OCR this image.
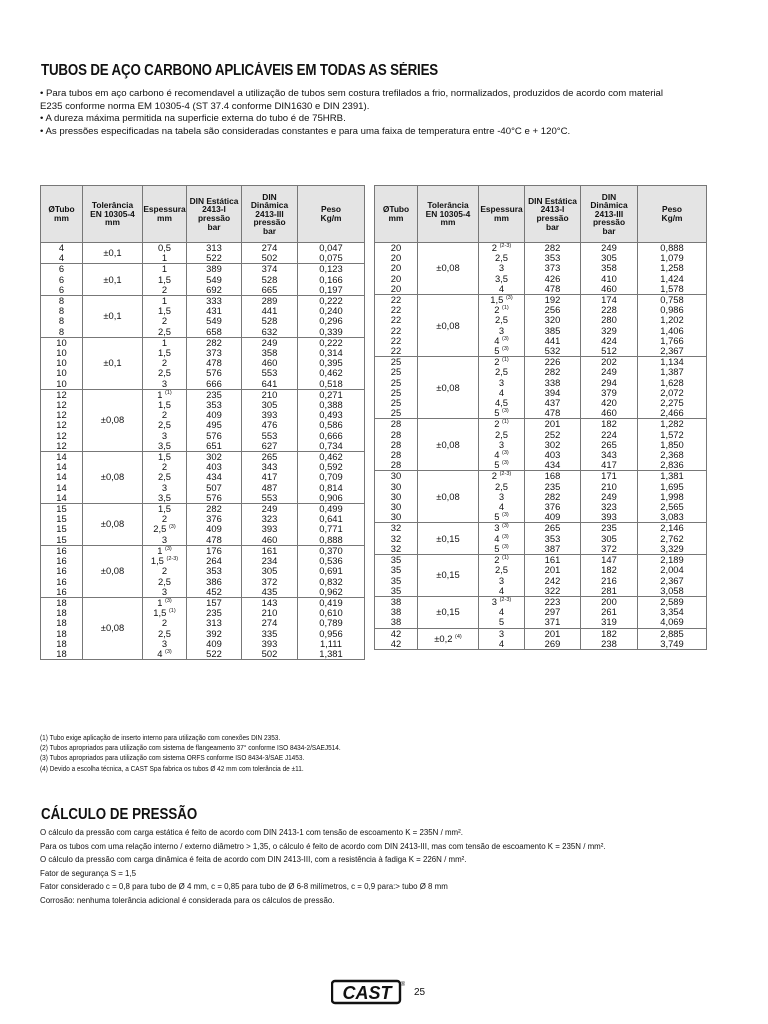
TUBOS DE AÇO CARBONO APLICÁVEIS EM TODAS AS SÉRIES
• Para tubos em aço carbono é recomendavel a utilização de tubos sem costura trefilados a frio, normalizados, produzidos de acordo com material
E235 conforme norma EM 10305-4 (ST 37.4 conforme DIN1630 e DIN 2391).
• A dureza máxima permitida na superficie externa do tubo é de 75HRB.
• As pressões especificadas na tabela são consideradas constantes e para uma faixa de temperatura entre -40°C e + 120°C.
ØTubo
mm	Tolerância
EN 10305-4
mm	Espessura
mm	DIN Estática
2413-I
pressão
bar	DIN
Dinâmica
2413-III
pressão
bar	Peso
Kg/m
4	±0,1	0,5	313	274	0,047
4		1	522	502	0,075
6	±0,1	1	389	374	0,123
6		1,5	549	528	0,166
6		2	692	665	0,197
8	±0,1	1	333	289	0,222
8		1,5	431	441	0,240
8		2	549	528	0,296
8		2,5	658	632	0,339
10	±0,1	1	282	249	0,222
10		1,5	373	358	0,314
10		2	478	460	0,395
10		2,5	576	553	0,462
10		3	666	641	0,518
12	±0,08	1 $^{(1)}$	235	210	0,271
12		1,5	353	305	0,388
12		2	409	393	0,493
12		2,5	495	476	0,586
12		3	576	553	0,666
12		3,5	651	627	0,734
14	±0,08	1,5	302	265	0,462
14		2	403	343	0,592
14		2,5	434	417	0,709
14		3	507	487	0,814
14		3,5	576	553	0,906
15	±0,08	1,5	282	249	0,499
15		2	376	323	0,641
15		2,5 $^{(3)}$	409	393	0,771
15		3	478	460	0,888
16	±0,08	1 $^{(3)}$	176	161	0,370
16		1,5 $^{(2-3)}$	264	234	0,536
16		2	353	305	0,691
16		2,5	386	372	0,832
16		3	452	435	0,962
18	±0,08	1 $^{(3)}$	157	143	0,419
18		1,5 $^{(1)}$	235	210	0,610
18		2	313	274	0,789
18		2,5	392	335	0,956
18		3	409	393	1,111
18		4 $^{(3)}$	522	502	1,381
ØTubo
mm	Tolerância
EN 10305-4
mm	Espessura
mm	DIN Estática
2413-I
pressão
bar	DIN
Dinâmica
2413-III
pressão
bar	Peso
Kg/m
20	±0,08	2 $^{(2-3)}$	282	249	0,888
20		2,5	353	305	1,079
20		3	373	358	1,258
20		3,5	426	410	1,424
20		4	478	460	1,578
22	±0,08	1,5 $^{(3)}$	192	174	0,758
22		2 $^{(1)}$	256	228	0,986
22		2,5	320	280	1,202
22		3	385	329	1,406
22		4 $^{(3)}$	441	424	1,766
22		5 $^{(3)}$	532	512	2,367
25	±0,08	2 $^{(1)}$	226	202	1,134
25		2,5	282	249	1,387
25		3	338	294	1,628
25		4	394	379	2,072
25		4,5	437	420	2,275
25		5 $^{(3)}$	478	460	2,466
28	±0,08	2 $^{(1)}$	201	182	1,282
28		2,5	252	224	1,572
28		3	302	265	1,850
28		4 $^{(3)}$	403	343	2,368
28		5 $^{(3)}$	434	417	2,836
30	±0,08	2 $^{(2-3)}$	168	171	1,381
30		2,5	235	210	1,695
30		3	282	249	1,998
30		4	376	323	2,565
30		5 $^{(3)}$	409	393	3,083
32	±0,15	3 $^{(3)}$	265	235	2,146
32		4 $^{(3)}$	353	305	2,762
32		5 $^{(3)}$	387	372	3,329
35	±0,15	2 $^{(1)}$	161	147	2,189
35		2,5	201	182	2,004
35		3	242	216	2,367
35		4	322	281	3,058
38	±0,15	3 $^{(2-3)}$	223	200	2,589
38		4	297	261	3,354
38		5	371	319	4,069
42	±0,2 $^{(4)}$	3	201	182	2,885
42		4	269	238	3,749
(1) Tubo exige aplicação de inserto interno para utilização com conexões DIN 2353.
(2) Tubos apropriados para utilização com sistema de flangeamento 37° conforme ISO 8434-2/SAEJ514.
(3) Tubos apropriados para utilização com sistema ORFS conforme ISO 8434-3/SAE J1453.
(4) Devido a escolha técnica, a CAST Spa fabrica os tubos Ø 42 mm com tolerância de ±11.
CÁLCULO DE PRESSÃO
O cálculo da pressão com carga estática é feito de acordo com DIN 2413-1 com tensão de escoamento K = 235N / mm².
Para os tubos com uma relação interno / externo diâmetro > 1,35, o cálculo é feito de acordo com DIN 2413-III, mas com tensão de escoamento K = 235N / mm².
O cálculo da pressão com carga dinâmica é feita de acordo com DIN 2413-III, com a resistência à fadiga K = 226N / mm².
Fator de segurança S = 1,5
Fator considerado c = 0,8 para tubo de Ø 4 mm, c = 0,85 para tubo de Ø 6-8 milímetros, c = 0,9 para:> tubo Ø 8 mm
Corrosão: nenhuma tolerância adicional é considerada para os cálculos de pressão.
CAST	®
25
